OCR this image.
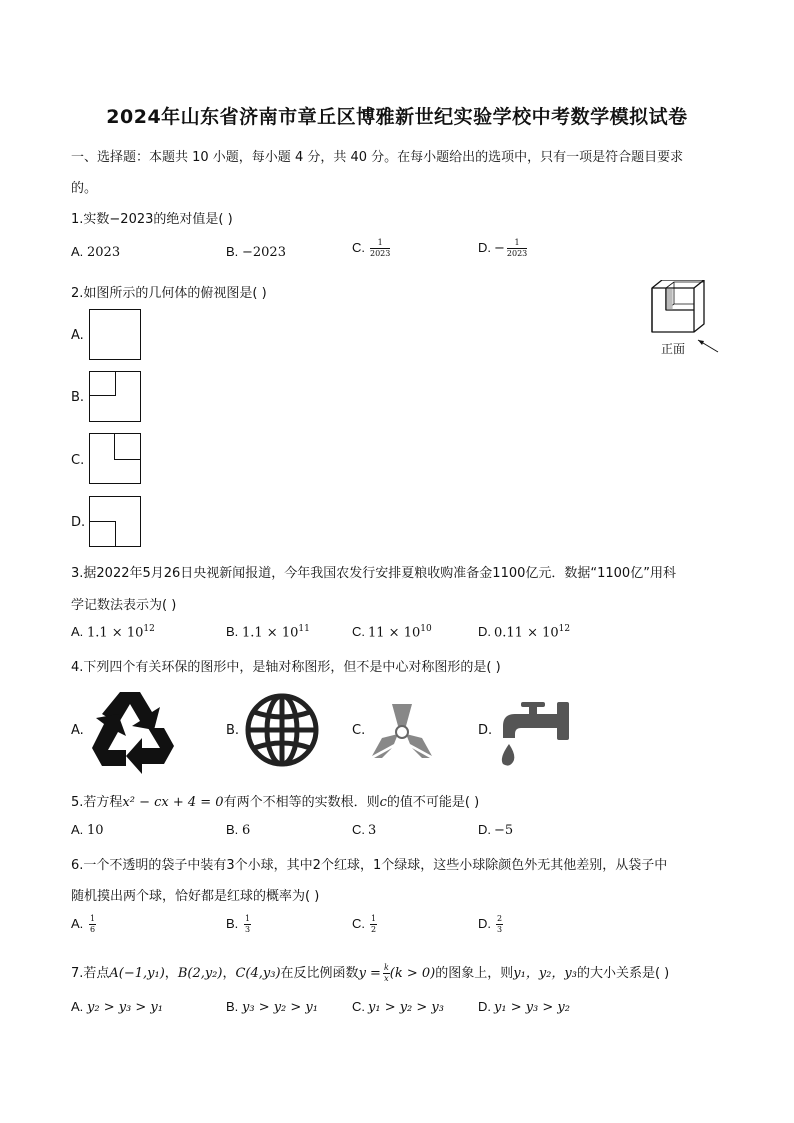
2024年山东省济南市章丘区博雅新世纪实验学校中考数学模拟试卷
一、选择题：本题共 10 小题，每小题 4 分，共 40 分。在每小题给出的选项中，只有一项是符合题目要求
的。
1.实数−2023的绝对值是( )
A. 2023	B. −2023	C. $\frac{1}{2023}$	D. − $\frac{1}{2023}$
2.如图所示的几何体的俯视图是( )
正面
A.
B.
C.
D.
3.据2022年5月26日央视新闻报道，今年我国农发行安排夏粮收购准备金1100亿元．数据“1100亿”用科
学记数法表示为( )
A. $1.1 \times 10^{12}$	B. $1.1 \times 10^{11}$	C. $11 \times 10^{10}$	D. $0.11 \times 10^{12}$
4.下列四个有关环保的图形中，是轴对称图形，但不是中心对称图形的是( )
A.	B.	C.	D.
5.若方程x² − cx + 4 = 0有两个不相等的实数根．则c的值不可能是( )
A. 10	B. 6	C. 3	D. −5
6.一个不透明的袋子中装有3个小球，其中2个红球，1个绿球，这些小球除颜色外无其他差别，从袋子中
随机摸出两个球，恰好都是红球的概率为( )
A. $\frac{1}{6}$	B. $\frac{1}{3}$	C. $\frac{1}{2}$	D. $\frac{2}{3}$
7.若点A(−1,y₁)，B(2,y₂)，C(4,y₃)在反比例函数$y = \frac{k}{x} (k > 0)$的图象上，则y₁，y₂，y₃的大小关系是( )
A. y₂ > y₃ > y₁	B. y₃ > y₂ > y₁	C. y₁ > y₂ > y₃	D. y₁ > y₃ > y₂
